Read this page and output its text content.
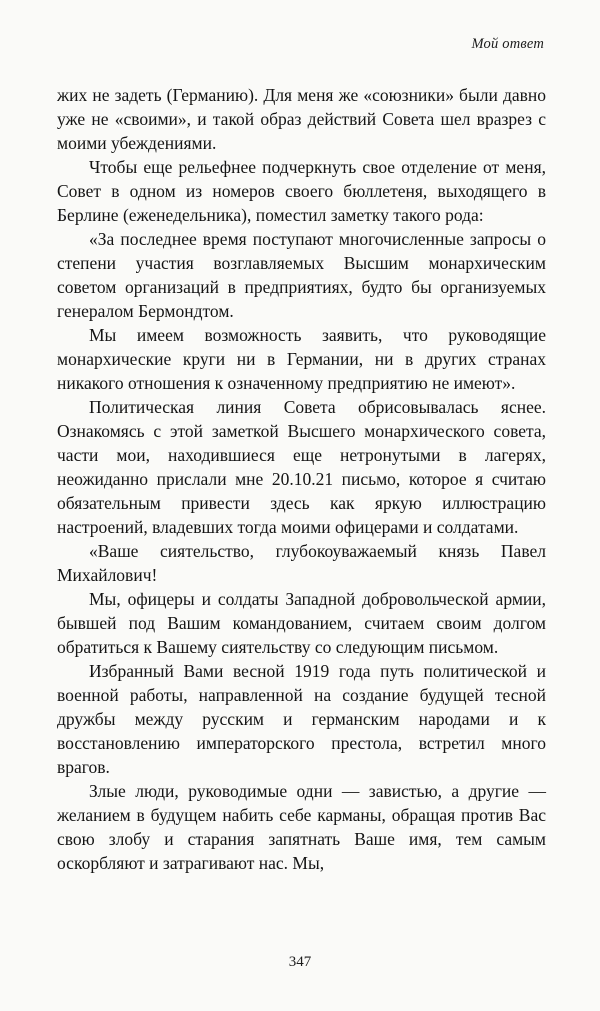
Мой ответ

жих не задеть (Германию). Для меня же «союзники» были давно уже не «своими», и такой образ действий Совета шел вразрез с моими убеждениями.

Чтобы еще рельефнее подчеркнуть свое отделение от меня, Совет в одном из номеров своего бюллетеня, выходящего в Берлине (еженедельника), поместил заметку такого рода:

«За последнее время поступают многочисленные запросы о степени участия возглавляемых Высшим монархическим советом организаций в предприятиях, будто бы организуемых генералом Бермондтом.

Мы имеем возможность заявить, что руководящие монархические круги ни в Германии, ни в других странах никакого отношения к означенному предприятию не имеют».

Политическая линия Совета обрисовывалась яснее. Ознакомясь с этой заметкой Высшего монархического совета, части мои, находившиеся еще нетронутыми в лагерях, неожиданно прислали мне 20.10.21 письмо, которое я считаю обязательным привести здесь как яркую иллюстрацию настроений, владевших тогда моими офицерами и солдатами.

«Ваше сиятельство, глубокоуважаемый князь Павел Михайлович!

Мы, офицеры и солдаты Западной добровольческой армии, бывшей под Вашим командованием, считаем своим долгом обратиться к Вашему сиятельству со следующим письмом.

Избранный Вами весной 1919 года путь политической и военной работы, направленной на создание будущей тесной дружбы между русским и германским народами и к восстановлению императорского престола, встретил много врагов.

Злые люди, руководимые одни — завистью, а другие — желанием в будущем набить себе карманы, обращая против Вас свою злобу и старания запятнать Ваше имя, тем самым оскорбляют и затрагивают нас. Мы,

347
